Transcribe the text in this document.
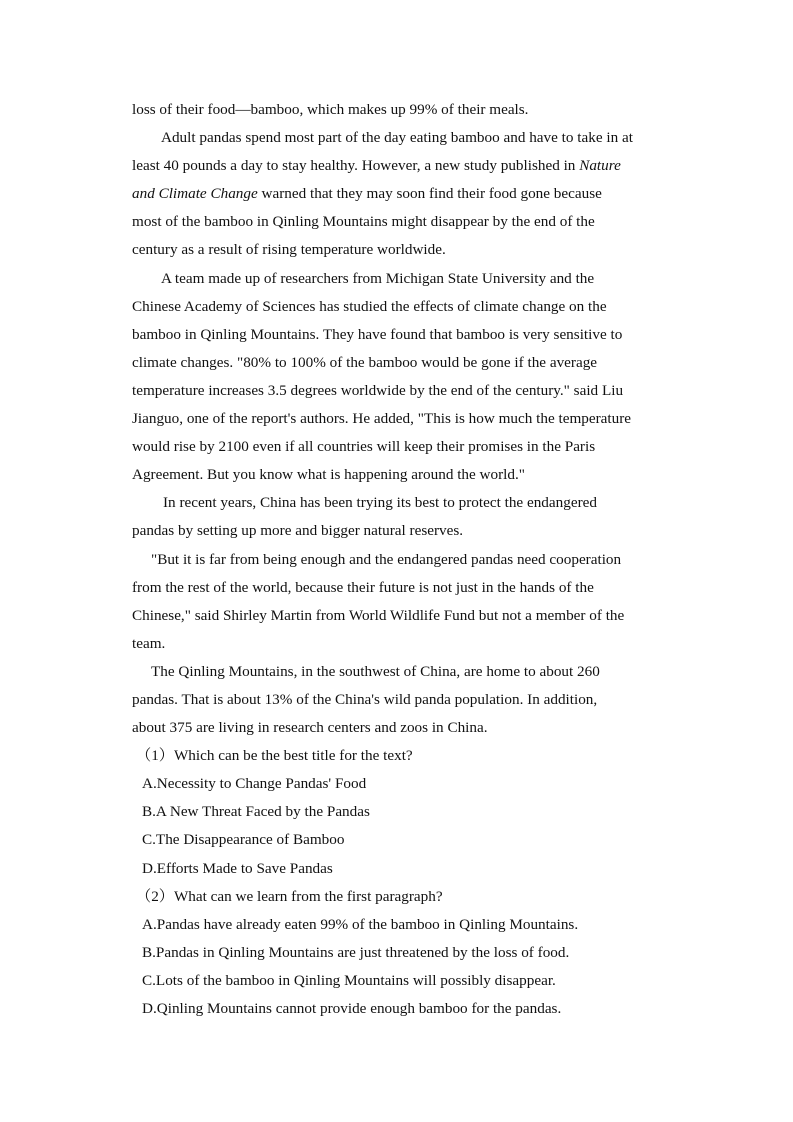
loss of their food—bamboo, which makes up 99% of their meals.
Adult pandas spend most part of the day eating bamboo and have to take in at
least 40 pounds a day to stay healthy. However, a new study published in Nature
and Climate Change warned that they may soon find their food gone because
most of the bamboo in Qinling Mountains might disappear by the end of the
century as a result of rising temperature worldwide.
A team made up of researchers from Michigan State University and the
Chinese Academy of Sciences has studied the effects of climate change on the
bamboo in Qinling Mountains. They have found that bamboo is very sensitive to
climate changes. "80% to 100% of the bamboo would be gone if the average
temperature increases 3.5 degrees worldwide by the end of the century." said Liu
Jianguo, one of the report's authors. He added, "This is how much the temperature
would rise by 2100 even if all countries will keep their promises in the Paris
Agreement. But you know what is happening around the world."
In recent years, China has been trying its best to protect the endangered
pandas by setting up more and bigger natural reserves.
"But it is far from being enough and the endangered pandas need cooperation
from the rest of the world, because their future is not just in the hands of the
Chinese," said Shirley Martin from World Wildlife Fund but not a member of the
team.
The Qinling Mountains, in the southwest of China, are home to about 260
pandas. That is about 13% of the China's wild panda population. In addition,
about 375 are living in research centers and zoos in China.
（1）Which can be the best title for the text?
A.Necessity to Change Pandas' Food
B.A New Threat Faced by the Pandas
C.The Disappearance of Bamboo
D.Efforts Made to Save Pandas
（2）What can we learn from the first paragraph?
A.Pandas have already eaten 99% of the bamboo in Qinling Mountains.
B.Pandas in Qinling Mountains are just threatened by the loss of food.
C.Lots of the bamboo in Qinling Mountains will possibly disappear.
D.Qinling Mountains cannot provide enough bamboo for the pandas.
